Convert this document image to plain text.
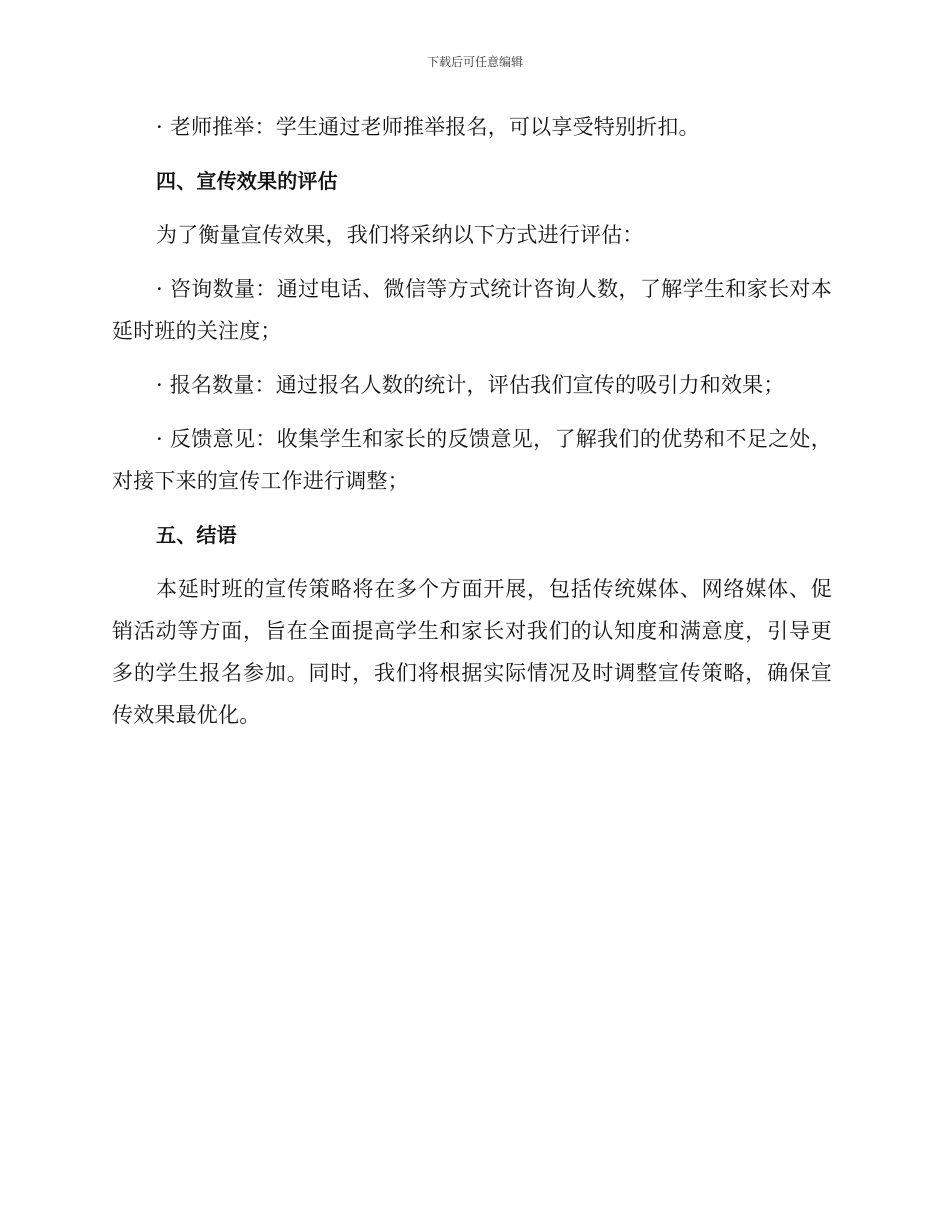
下载后可任意编辑

· 老师推举：学生通过老师推举报名，可以享受特别折扣。

四、宣传效果的评估

为了衡量宣传效果，我们将采纳以下方式进行评估：

· 咨询数量：通过电话、微信等方式统计咨询人数，了解学生和家长对本延时班的关注度；

· 报名数量：通过报名人数的统计，评估我们宣传的吸引力和效果；

· 反馈意见：收集学生和家长的反馈意见，了解我们的优势和不足之处，对接下来的宣传工作进行调整；

五、结语

本延时班的宣传策略将在多个方面开展，包括传统媒体、网络媒体、促销活动等方面，旨在全面提高学生和家长对我们的认知度和满意度，引导更多的学生报名参加。同时，我们将根据实际情况及时调整宣传策略，确保宣传效果最优化。
